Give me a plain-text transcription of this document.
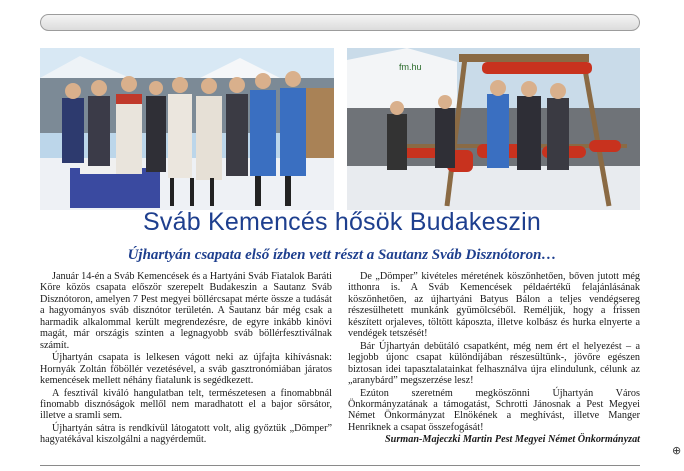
fm.hu
Sváb Kemencés hősök Budakeszin
Újhartyán csapata első ízben vett részt a Sautanz Sváb Disznótoron…

Január 14-én a Sváb Kemencések és a Hartyáni Sváb Fiatalok Baráti Köre közös csapata először szerepelt Budakeszin a Sautanz Sváb Disznótoron, amelyen 7 Pest megyei böllércsapat mérte össze a tudását a hagyományos sváb disznótor területén. A Sautanz bár még csak a harmadik alkalommal került megrendezésre, de egyre inkább kinövi magát, már országis szinten a legnagyobb sváb böllérfesztiválnak számít.

Újhartyán csapata is lelkesen vágott neki az újfajta kihívásnak: Hornyák Zoltán főböllér vezetésével, a sváb gasztronómiában járatos kemencések mellett néhány fiatalunk is segédkezett.

A fesztivál kiváló hangulatban telt, természetesen a finomabbnál finomabb disznóságok mellől nem maradhatott el a bajor sörsátor, illetve a sramli sem.

Újhartyán sátra is rendkívül látogatott volt, alig győztük „Dömper” hagyatékával kiszolgálni a nagyérdeműt.

De „Dömper” kivételes méretének köszönhetően, bőven jutott még itthonra is. A Sváb Kemencések példaértékű felajánlásának köszönhetően, az újhartyáni Batyus Bálon a teljes vendégsereg részesülhetett munkánk gyümölcséből. Reméljük, hogy a frissen készített orjaleves, töltött káposzta, illetve kolbász és hurka elnyerte a vendégek tetszését!

Bár Újhartyán debütáló csapatként, még nem ért el helyezést – a legjobb újonc csapat különdíjában részesültünk-, jövőre egészen biztosan idei tapasztalatainkat felhasználva újra elindulunk, célunk az „aranybárd” megszerzése lesz!

Ezúton szeretném megköszönni Újhartyán Város Önkormányzatának a támogatást, Schrotti Jánosnak a Pest Megyei Német Önkormányzat Elnökének a meghívást, illetve Manger Henriknek a csapat összefogását!

Surman-Majeczki Martin Pest Megyei Német Önkormányzat

⊕
